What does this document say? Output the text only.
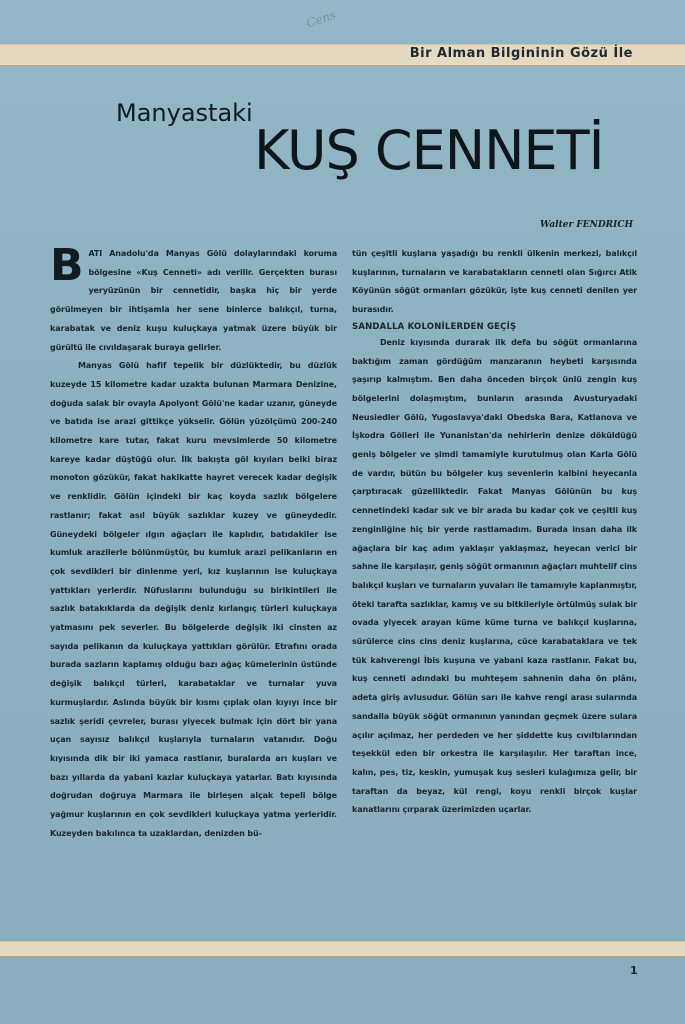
Cens
Bir Alman Bilgininin Gözü İle
Manyastaki
KUŞ CENNETİ
Walter FENDRICH

BATI Anadolu'da Manyas Gölü dolaylarındaki koruma bölgesine «Kuş Cenneti» adı verilir. Gerçekten burası yeryüzünün bir cennetidir, başka hiç bir yerde görülmeyen bir ihtişamla her sene binlerce balıkçıl, turna, karabatak ve deniz kuşu kuluçkaya yatmak üzere büyük bir gürültü ile cıvıldaşarak buraya gelirler.

Manyas Gölü hafif tepelik bir düzlüktedir, bu düzlük kuzeyde 15 kilometre kadar uzakta bulunan Marmara Denizine, doğuda salak bir ovayla Apolyont Gölü'ne kadar uzanır, güneyde ve batıda ise arazi gittikçe yükselir. Gölün yüzölçümü 200-240 kilometre kare tutar, fakat kuru mevsimlerde 50 kilometre kareye kadar düştüğü olur. İlk bakışta göl kıyıları belki biraz monoton gözükür, fakat hakikatte hayret verecek kadar değişik ve renklidir. Gölün içindeki bir kaç koyda sazlık bölgelere rastlanır; fakat asıl büyük sazlıklar kuzey ve güneydedir. Güneydeki bölgeler ılgın ağaçları ile kaplıdır, batıdakiler ise kumluk arazilerle bölünmüştür, bu kumluk arazi pelikanların en çok sevdikleri bir dinlenme yeri, kız kuşlarının ise kuluçkaya yattıkları yerlerdir. Nüfuslarını bulunduğu su birikintileri ile sazlık batakıklarda da değişik deniz kırlangıç türleri kuluçkaya yatmasını pek severler. Bu bölgelerde değişik iki cinsten az sayıda pelikanın da kuluçkaya yattıkları görülür. Etrafını orada burada sazların kaplamış olduğu bazı ağaç kümelerinin üstünde değişik balıkçıl türleri, karabataklar ve turnalar yuva kurmuşlardır. Aslında büyük bir kısmı çıplak olan kıyıyı ince bir sazlık şeridi çevreler, burası yiyecek bulmak için dört bir yana uçan sayısız balıkçıl kuşlarıyla turnaların vatanıdır. Doğu kıyısında dik bir iki yamaca rastlanır, buralarda arı kuşları ve bazı yıllarda da yabani kazlar kuluçkaya yatarlar. Batı kıyısında doğrudan doğruya Marmara ile birleşen alçak tepeli bölge yağmur kuşlarının en çok sevdikleri kuluçkaya yatma yerleridir. Kuzeyden bakılınca ta uzaklardan, denizden bü-

tün çeşitli kuşlarıa yaşadığı bu renkli ülkenin merkezi, balıkçıl kuşlarının, turnaların ve karabatakların cenneti olan Sığırcı Atik Köyünün söğüt ormanları gözükür, işte kuş cenneti denilen yer burasıdır.

SANDALLA KOLONİLERDEN GEÇİŞ

Deniz kıyısında durarak ilk defa bu söğüt ormanlarına baktığım zaman gördüğüm manzaranın heybeti karşısında şaşırıp kalmıştım. Ben daha önceden birçok ünlü zengin kuş bölgelerini dolaşmıştım, bunların arasında Avusturyadaki Neusiedler Gölü, Yugoslavya'daki Obedska Bara, Katlanova ve İşkodra Gölleri ile Yunanistan'da nehirlerin denize döküldüğü geniş bölgeler ve şimdi tamamiyle kurutulmuş olan Karla Gölü de vardır, bütün bu bölgeler kuş sevenlerin kalbini heyecanla çarptıracak güzelliktedir. Fakat Manyas Gölünün bu kuş cennetindeki kadar sık ve bir arada bu kadar çok ve çeşitli kuş zenginliğine hiç bir yerde rastlamadım. Burada insan daha ilk ağaçlara bir kaç adım yaklaşır yaklaşmaz, heyecan verici bir sahne ile karşılaşır, geniş söğüt ormanının ağaçları muhtelif cins balıkçıl kuşları ve turnaların yuvaları ile tamamıyle kaplanmıştır, öteki tarafta sazlıklar, kamış ve su bitkileriyle örtülmüş sulak bir ovada yiyecek arayan küme küme turna ve balıkçıl kuşlarına, sürülerce cins cins deniz kuşlarına, cüce karabataklara ve tek tük kahverengi İbis kuşuna ve yabani kaza rastlanır. Fakat bu, kuş cenneti adındaki bu muhteşem sahnenin daha ön plânı, adeta giriş avlusudur. Gölün sarı ile kahve rengi arası sularında sandalla büyük söğüt ormanının yanından geçmek üzere sulara açılır açılmaz, her perdeden ve her şiddette kuş cıvıltılarından teşekkül eden bir orkestra ile karşılaşılır. Her taraftan ince, kalın, pes, tiz, keskin, yumuşak kuş sesleri kulağımıza gelir, bir taraftan da beyaz, kül rengi, koyu renkli birçok kuşlar kanatlarını çırparak üzerimizden uçarlar.

1
